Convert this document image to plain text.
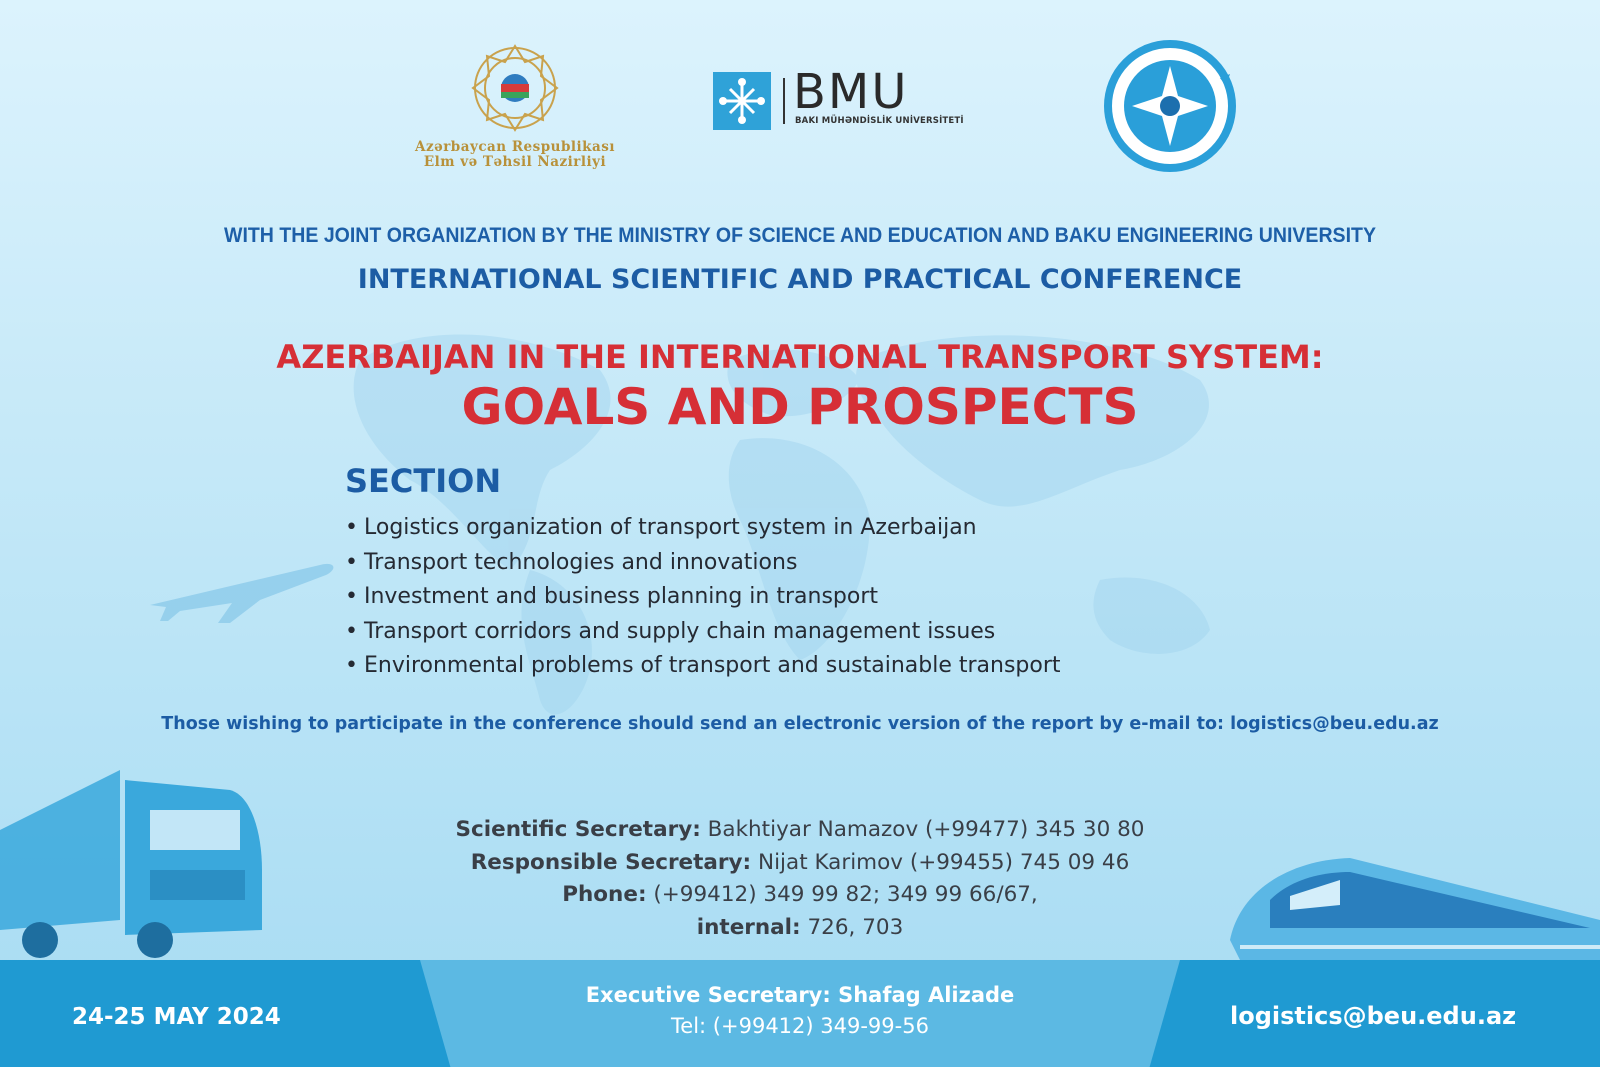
Azərbaycan Respublikası
Elm və Təhsil Nazirliyi
BMU
BAKI MÜHƏNDİSLİK UNİVERSİTETİ
WITH THE JOINT ORGANIZATION BY THE MINISTRY OF SCIENCE AND EDUCATION AND BAKU ENGINEERING UNIVERSITY
INTERNATIONAL SCIENTIFIC AND PRACTICAL CONFERENCE
AZERBAIJAN IN THE INTERNATIONAL TRANSPORT SYSTEM:
GOALS AND PROSPECTS
SECTION
• Logistics organization of transport system in Azerbaijan
• Transport technologies and innovations
• Investment and business planning in transport
• Transport corridors and supply chain management issues
• Environmental problems of transport and sustainable transport
Those wishing to participate in the conference should send an electronic version of the report by e-mail to: logistics@beu.edu.az
Scientific Secretary: Bakhtiyar Namazov (+99477) 345 30 80
Responsible Secretary: Nijat Karimov (+99455) 745 09 46
Phone: (+99412) 349 99 82; 349 99 66/67,
internal: 726, 703
24-25 MAY 2024
Executive Secretary: Shafag Alizade
Tel: (+99412) 349-99-56	logistics@beu.edu.az
